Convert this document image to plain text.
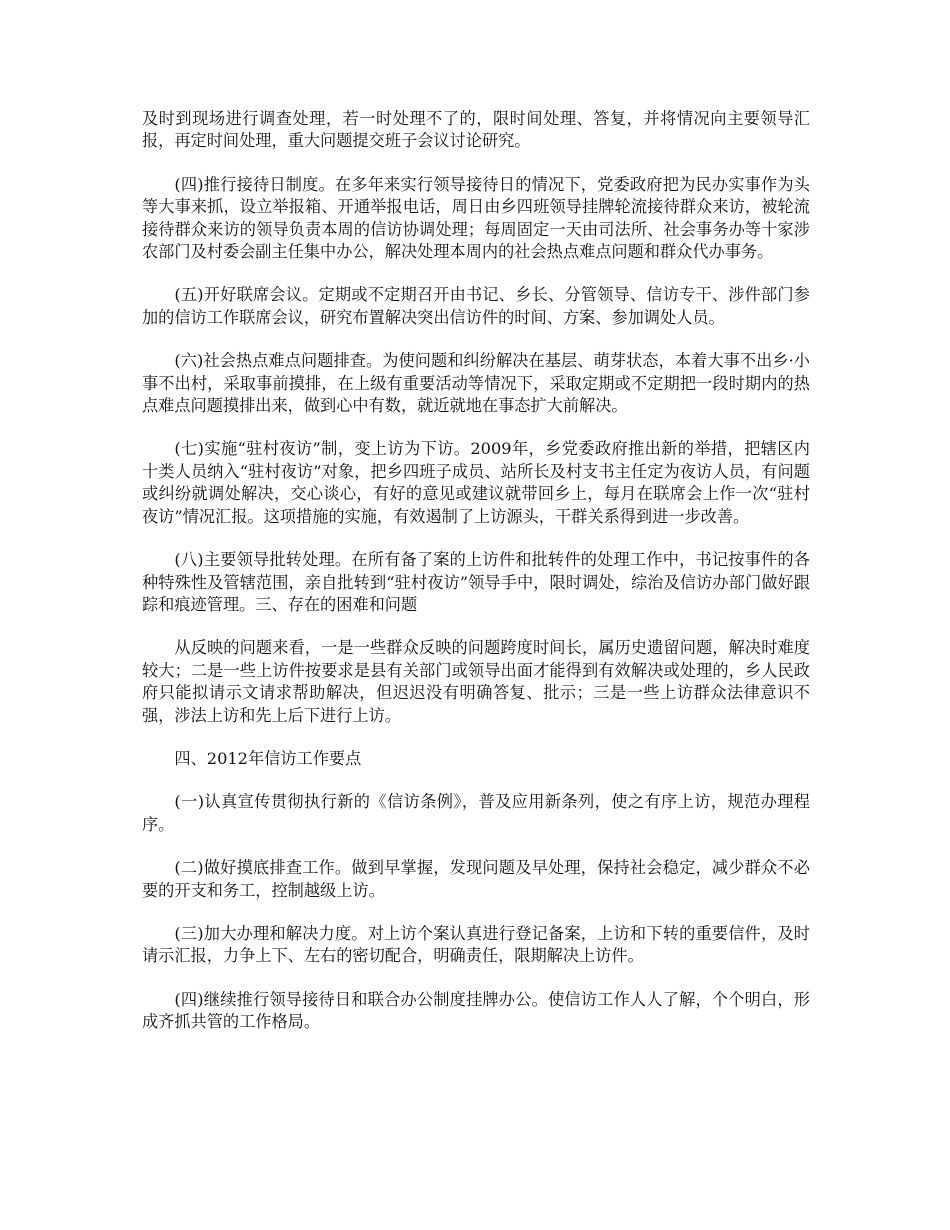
及时到现场进行调查处理，若一时处理不了的，限时间处理、答复，并将情况向主要领导汇报，再定时间处理，重大问题提交班子会议讨论研究。

(四)推行接待日制度。在多年来实行领导接待日的情况下，党委政府把为民办实事作为头等大事来抓，设立举报箱、开通举报电话，周日由乡四班领导挂牌轮流接待群众来访，被轮流接待群众来访的领导负责本周的信访协调处理；每周固定一天由司法所、社会事务办等十家涉农部门及村委会副主任集中办公，解决处理本周内的社会热点难点问题和群众代办事务。

(五)开好联席会议。定期或不定期召开由书记、乡长、分管领导、信访专干、涉件部门参加的信访工作联席会议，研究布置解决突出信访件的时间、方案、参加调处人员。

(六)社会热点难点问题排查。为使问题和纠纷解决在基层、萌芽状态，本着大事不出乡·小事不出村，采取事前摸排，在上级有重要活动等情况下，采取定期或不定期把一段时期内的热点难点问题摸排出来，做到心中有数，就近就地在事态扩大前解决。

(七)实施“驻村夜访”制，变上访为下访。2009年，乡党委政府推出新的举措，把辖区内十类人员纳入“驻村夜访”对象，把乡四班子成员、站所长及村支书主任定为夜访人员，有问题或纠纷就调处解决，交心谈心，有好的意见或建议就带回乡上，每月在联席会上作一次“驻村夜访”情况汇报。这项措施的实施，有效遏制了上访源头，干群关系得到进一步改善。

(八)主要领导批转处理。在所有备了案的上访件和批转件的处理工作中，书记按事件的各种特殊性及管辖范围，亲自批转到“驻村夜访”领导手中，限时调处，综治及信访办部门做好跟踪和痕迹管理。三、存在的困难和问题

从反映的问题来看，一是一些群众反映的问题跨度时间长，属历史遗留问题，解决时难度较大；二是一些上访件按要求是县有关部门或领导出面才能得到有效解决或处理的，乡人民政府只能拟请示文请求帮助解决，但迟迟没有明确答复、批示；三是一些上访群众法律意识不强，涉法上访和先上后下进行上访。

四、2012年信访工作要点

(一)认真宣传贯彻执行新的《信访条例》，普及应用新条列，使之有序上访，规范办理程序。

(二)做好摸底排查工作。做到早掌握，发现问题及早处理，保持社会稳定，减少群众不必要的开支和务工，控制越级上访。

(三)加大办理和解决力度。对上访个案认真进行登记备案，上访和下转的重要信件，及时请示汇报，力争上下、左右的密切配合，明确责任，限期解决上访件。

(四)继续推行领导接待日和联合办公制度挂牌办公。使信访工作人人了解，个个明白，形成齐抓共管的工作格局。
